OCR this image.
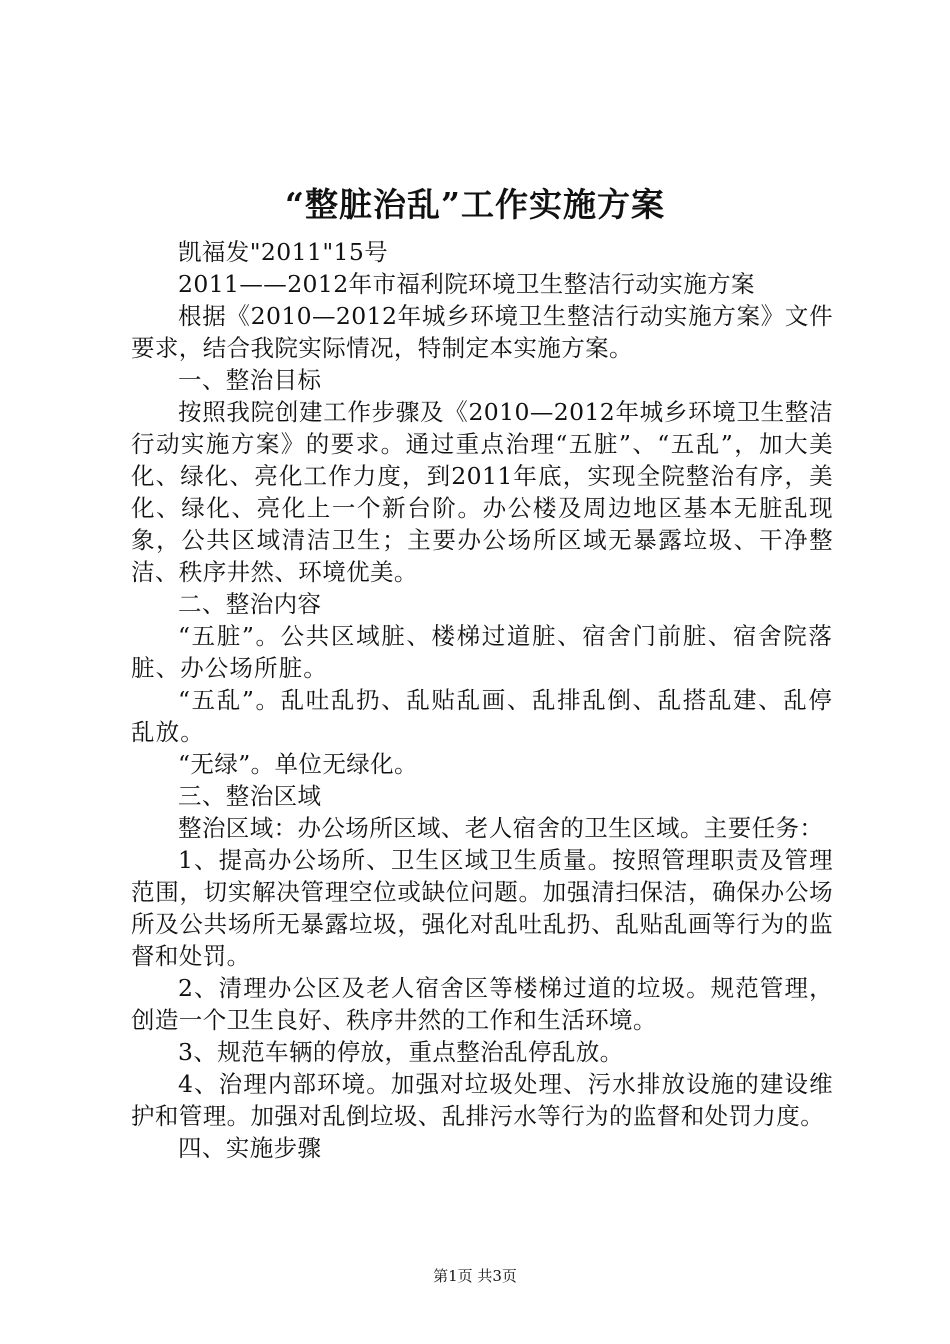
“整脏治乱”工作实施方案

凯福发"2011"15号

2011——2012年市福利院环境卫生整洁行动实施方案

根据《2010—2012年城乡环境卫生整洁行动实施方案》文件要求，结合我院实际情况，特制定本实施方案。

一、整治目标

按照我院创建工作步骤及《2010—2012年城乡环境卫生整洁行动实施方案》的要求。通过重点治理“五脏”、“五乱”，加大美化、绿化、亮化工作力度，到2011年底，实现全院整治有序，美化、绿化、亮化上一个新台阶。办公楼及周边地区基本无脏乱现象，公共区域清洁卫生；主要办公场所区域无暴露垃圾、干净整洁、秩序井然、环境优美。

二、整治内容

“五脏”。公共区域脏、楼梯过道脏、宿舍门前脏、宿舍院落脏、办公场所脏。

“五乱”。乱吐乱扔、乱贴乱画、乱排乱倒、乱搭乱建、乱停乱放。

“无绿”。单位无绿化。

三、整治区域

整治区域：办公场所区域、老人宿舍的卫生区域。主要任务：

1、提高办公场所、卫生区域卫生质量。按照管理职责及管理范围，切实解决管理空位或缺位问题。加强清扫保洁，确保办公场所及公共场所无暴露垃圾，强化对乱吐乱扔、乱贴乱画等行为的监督和处罚。

2、清理办公区及老人宿舍区等楼梯过道的垃圾。规范管理，创造一个卫生良好、秩序井然的工作和生活环境。

3、规范车辆的停放，重点整治乱停乱放。

4、治理内部环境。加强对垃圾处理、污水排放设施的建设维护和管理。加强对乱倒垃圾、乱排污水等行为的监督和处罚力度。

四、实施步骤

第1页 共3页
